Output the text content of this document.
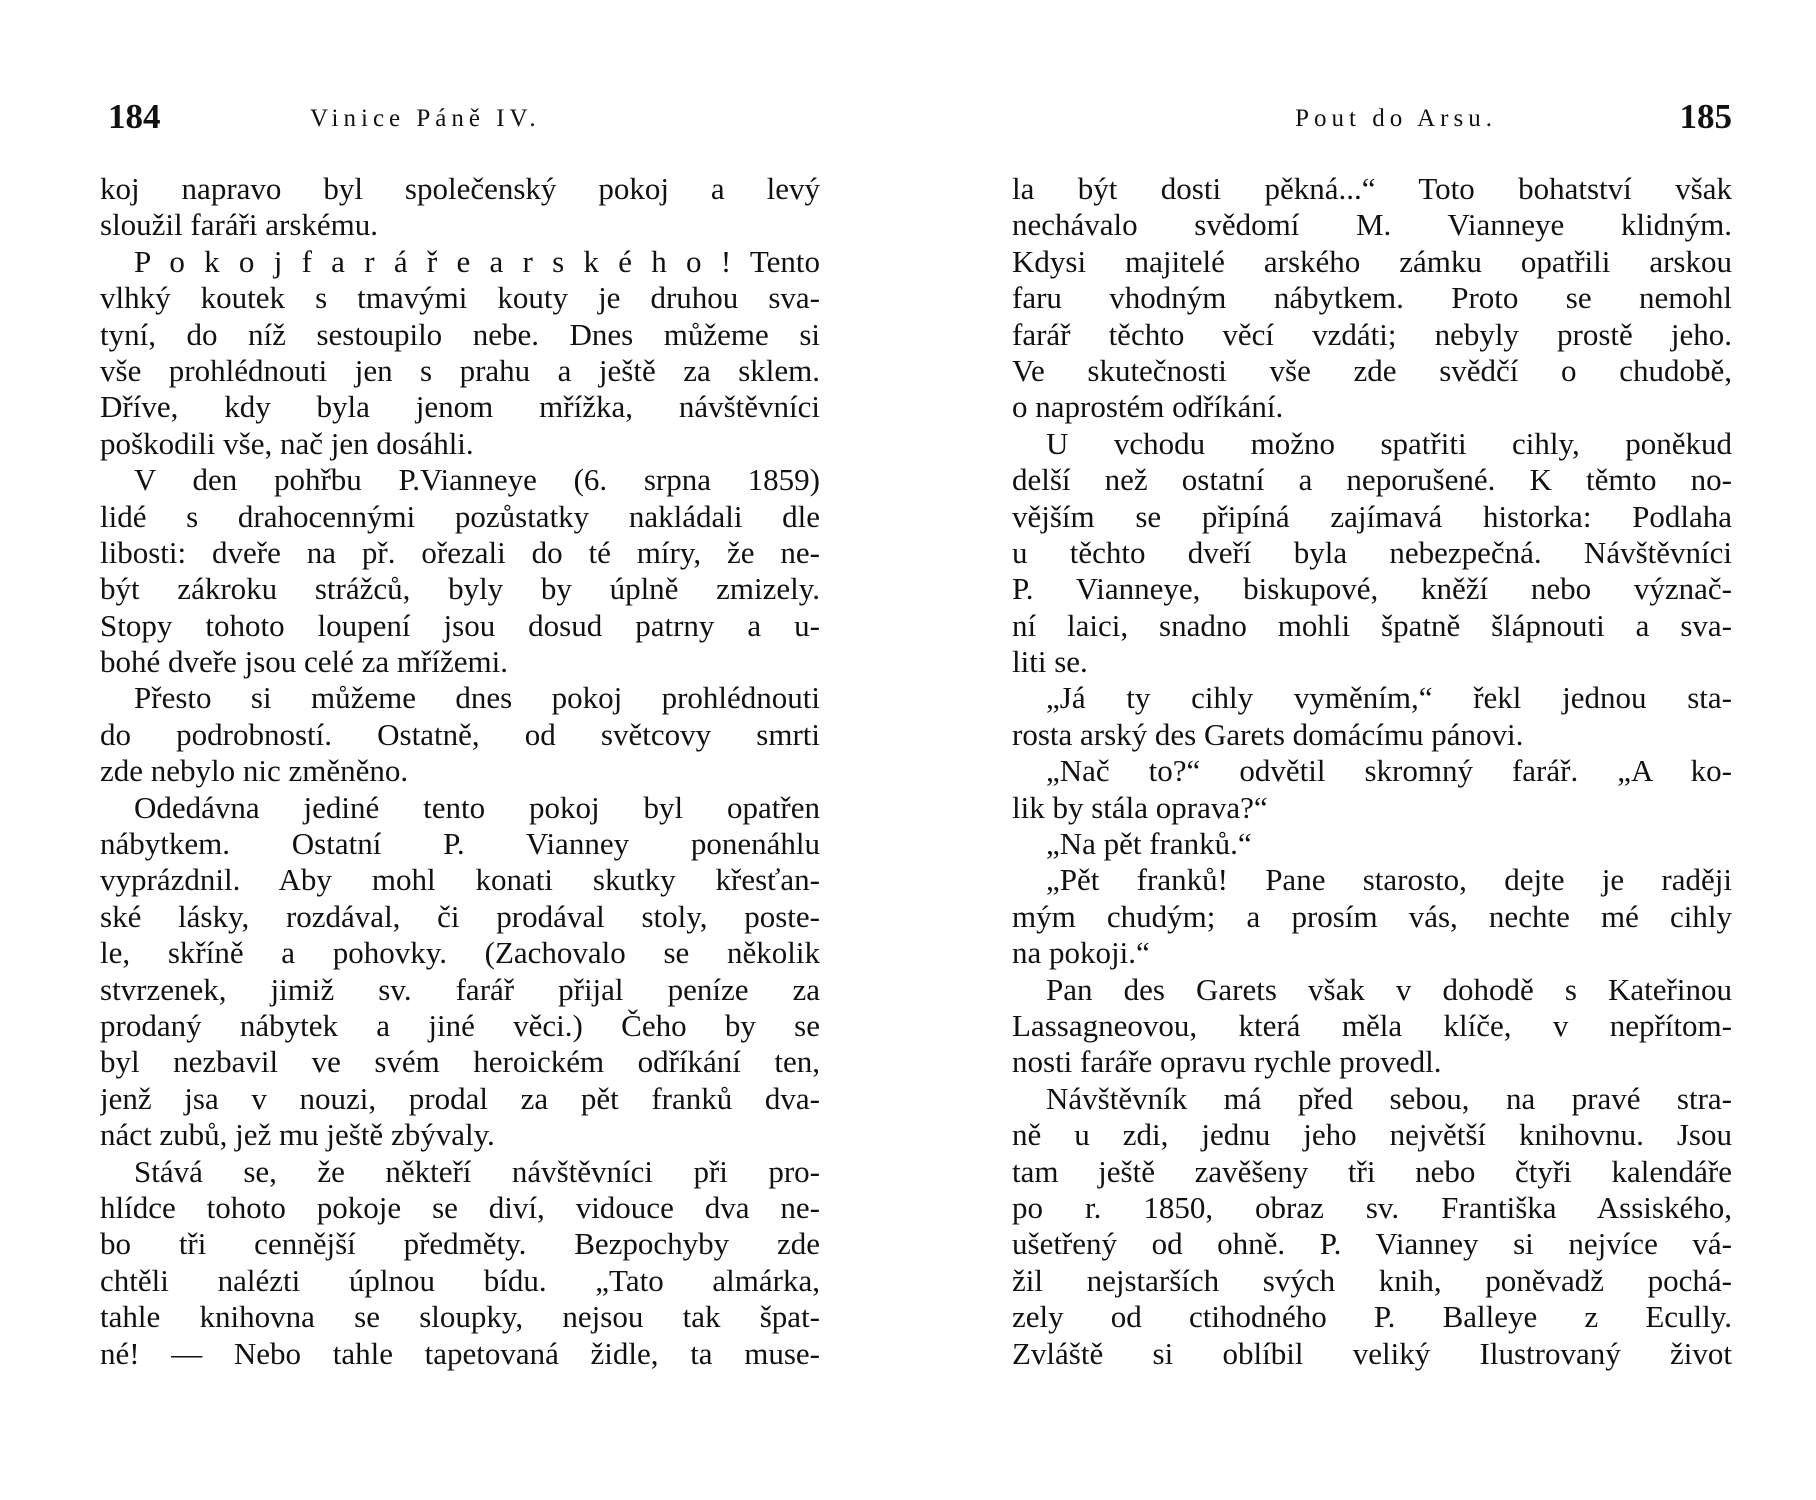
184	Vinice Páně IV.
koj napravo byl společenský pokoj a levý
sloužil faráři arskému.
P o k o j f a r á ř e a r s k é h o ! Tento
vlhký koutek s tmavými kouty je druhou sva-
tyní, do níž sestoupilo nebe. Dnes můžeme si
vše prohlédnouti jen s prahu a ještě za sklem.
Dříve, kdy byla jenom mřížka, návštěvníci
poškodili vše, nač jen dosáhli.
V den pohřbu P.Vianneye (6. srpna 1859)
lidé s drahocennými pozůstatky nakládali dle
libosti: dveře na př. ořezali do té míry, že ne-
být zákroku strážců, byly by úplně zmizely.
Stopy tohoto loupení jsou dosud patrny a u-
bohé dveře jsou celé za mřížemi.
Přesto si můžeme dnes pokoj prohlédnouti
do podrobností. Ostatně, od světcovy smrti
zde nebylo nic změněno.
Odedávna jediné tento pokoj byl opatřen
nábytkem. Ostatní P. Vianney ponenáhlu
vyprázdnil. Aby mohl konati skutky křesťan-
ské lásky, rozdával, či prodával stoly, poste-
le, skříně a pohovky. (Zachovalo se několik
stvrzenek, jimiž sv. farář přijal peníze za
prodaný nábytek a jiné věci.) Čeho by se
byl nezbavil ve svém heroickém odříkání ten,
jenž jsa v nouzi, prodal za pět franků dva-
náct zubů, jež mu ještě zbývaly.
Stává se, že někteří návštěvníci při pro-
hlídce tohoto pokoje se diví, vidouce dva ne-
bo tři cennější předměty. Bezpochyby zde
chtěli nalézti úplnou bídu. „Tato almárka,
tahle knihovna se sloupky, nejsou tak špat-
né! — Nebo tahle tapetovaná židle, ta muse-
Pout do Arsu.	185
la být dosti pěkná...“ Toto bohatství však
nechávalo svědomí M. Vianneye klidným.
Kdysi majitelé arského zámku opatřili arskou
faru vhodným nábytkem. Proto se nemohl
farář těchto věcí vzdáti; nebyly prostě jeho.
Ve skutečnosti vše zde svědčí o chudobě,
o naprostém odříkání.
U vchodu možno spatřiti cihly, poněkud
delší než ostatní a neporušené. K těmto no-
vějším se připíná zajímavá historka: Podlaha
u těchto dveří byla nebezpečná. Návštěvníci
P. Vianneye, biskupové, kněží nebo význač-
ní laici, snadno mohli špatně šlápnouti a sva-
liti se.
„Já ty cihly vyměním,“ řekl jednou sta-
rosta arský des Garets domácímu pánovi.
„Nač to?“ odvětil skromný farář. „A ko-
lik by stála oprava?“
„Na pět franků.“
„Pět franků! Pane starosto, dejte je raději
mým chudým; a prosím vás, nechte mé cihly
na pokoji.“
Pan des Garets však v dohodě s Kateřinou
Lassagneovou, která měla klíče, v nepřítom-
nosti faráře opravu rychle provedl.
Návštěvník má před sebou, na pravé stra-
ně u zdi, jednu jeho největší knihovnu. Jsou
tam ještě zavěšeny tři nebo čtyři kalendáře
po r. 1850, obraz sv. Františka Assiského,
ušetřený od ohně. P. Vianney si nejvíce vá-
žil nejstarších svých knih, poněvadž pochá-
zely od ctihodného P. Balleye z Ecully.
Zvláště si oblíbil veliký Ilustrovaný život
